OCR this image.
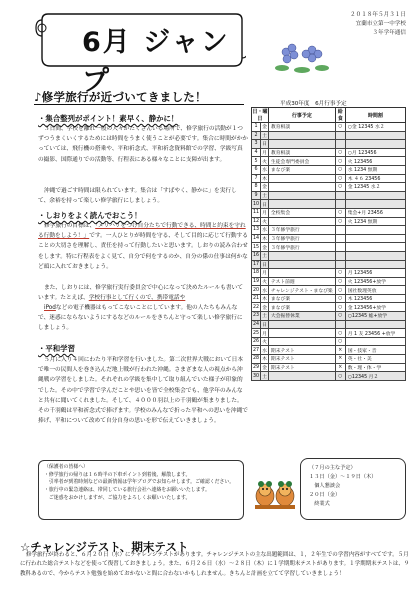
6月 ジャンプ
２０１８年５月３１日
宜蘭市立第一中学校
３年学年通信
♪修学旅行が近づいてきました！
・集合整列がポイント！素早く、静かに！
３日間、学校を離れ一般の人々がたくさんいる場所で、修学旅行の活動が１つずつうまくいくするためには時間をうまく使うことが必要です。集合に時間がかかっていては、飛行機の搭乗や、平和祈念式、平和祈念資料館での学習、学級写真の撮影、国際通りでの活動等、行程表にある様々なことに支障が出ます。
沖縄で過ごす時間は限られています。集合は「すばやく、静かに」を実行して、余裕を持って楽しい修学旅行にしましょう。
・しおりをよく読んでおこう！
修学旅行の目標は、「メリハリをつけ自分たちで行動できる、時間と約束を守れる行動をしよう！」です。一人ひとりが時間を守る、そして目的に応じて行動することの大切さを理解し、責任を持って行動したいと思います。しおりの読み合わせをします。特に行程表をよく見て、自分で何をするのか、自分の係の仕事は何かなど頭に入れておきましょう。
また、しおりには、修学旅行実行委員会で中心になって決めたルールも書いています。たとえば、学校行事として行くので、携帯電話や
iPodなどの電子機器はもってこないことにしています。他の人たちもみんなで、迷惑にならないようにするなどのルールをきちんと守って楽しい修学旅行にしましょう。
・平和学習
５月に入り４回にわたり平和学習を行いました。第二次世界大戦において日本で唯一の民間人を巻き込んだ地上戦が行われた沖縄。さまざまな人の視点から沖縄戦の学習をしました。それぞれの学級を集中して取り組んでいた様子が印象的でした。その中で学習で学んだことや思いを皆で全校集会でも、他学年のみんなと共有に聞いてくれました。そして、４０００羽以上の千羽鶴が集まりました。その千羽鶴は平和祈念式で捧げます。学校のみんなで折った平和への思いを沖縄で捧げ、平和について改めて自分自身の思いを形で伝えていきましょう。
（保護者の皆様へ）
・修学旅行の帰りは１６時半の下車ポイント到着後、解散します。
　引率者が到着時刻などの最新情報は学年ブログでお知らせします。ご確認ください。
・旅行中の緊急連絡は、帯同している旅行会社へ連絡をお願いいたします。
　ご迷惑をおかけしますが、ご協力をよろしくお願いいたします。
平成30年度　6月行事予定
日・曜日		行事予定	給食	時間割
1	金	教育相談	○	○金 12345 水２
2	土			
3	日			
4	月	教育相談	○	○月 123456
5	火	生徒会専門委員会	○	火 123456
6	水	まなび楽	○	水 1234 無期
7	木		○	木 ４６ 23456
8	金		○	金 12345 水２
9	土			
10	日			
11	月	全校集会	○	集会+月 23456
12	火		○	火 1234 無期
13	水	３年修学旅行		
14	木	３年修学旅行		
15	金	３年修学旅行		
16	土			
17	日			
18	月		○	月 123456
19	火	テスト前週	○	火 123456+放学
20	水	チャレンジテスト・まなび楽	○	国社数理英放
21	木	まなび楽	○	木 123456
22	金	まなび楽	○	金 123456+放学
23	土	大会振替休業	○	○12345 総+放学
24	日			
25	月		○	月 1 友 23456 +放学
26	火		○	
27	水	期末テスト	×	国・技家・音
28	木	期末テスト	×	英・社・美
29	金	期末テスト	×	数・理・体・学
30	土		○	○12345 月２
（７月の主な予定）
１３日（金）～１９日（木）
　個人懇談会
２０日（金）
　終業式
☆チャレンジテスト、期末テスト
修学旅行が終わると、６月２０日（水）にチャレンジテストがあります。チャレンジテストの主な出題範囲は、１，２年生での学習内容がすべてです。５月に行われた総合テストなどを使って復習しておきましょう。また、６月２６日（水）～２８日（木）に１学期期末テストがあります。１学期期末テストは、９教科あるので、今からテスト勉強を始めておかないと間に合わないかもしれません。きちんと計画を立てて学習していきましょう！
